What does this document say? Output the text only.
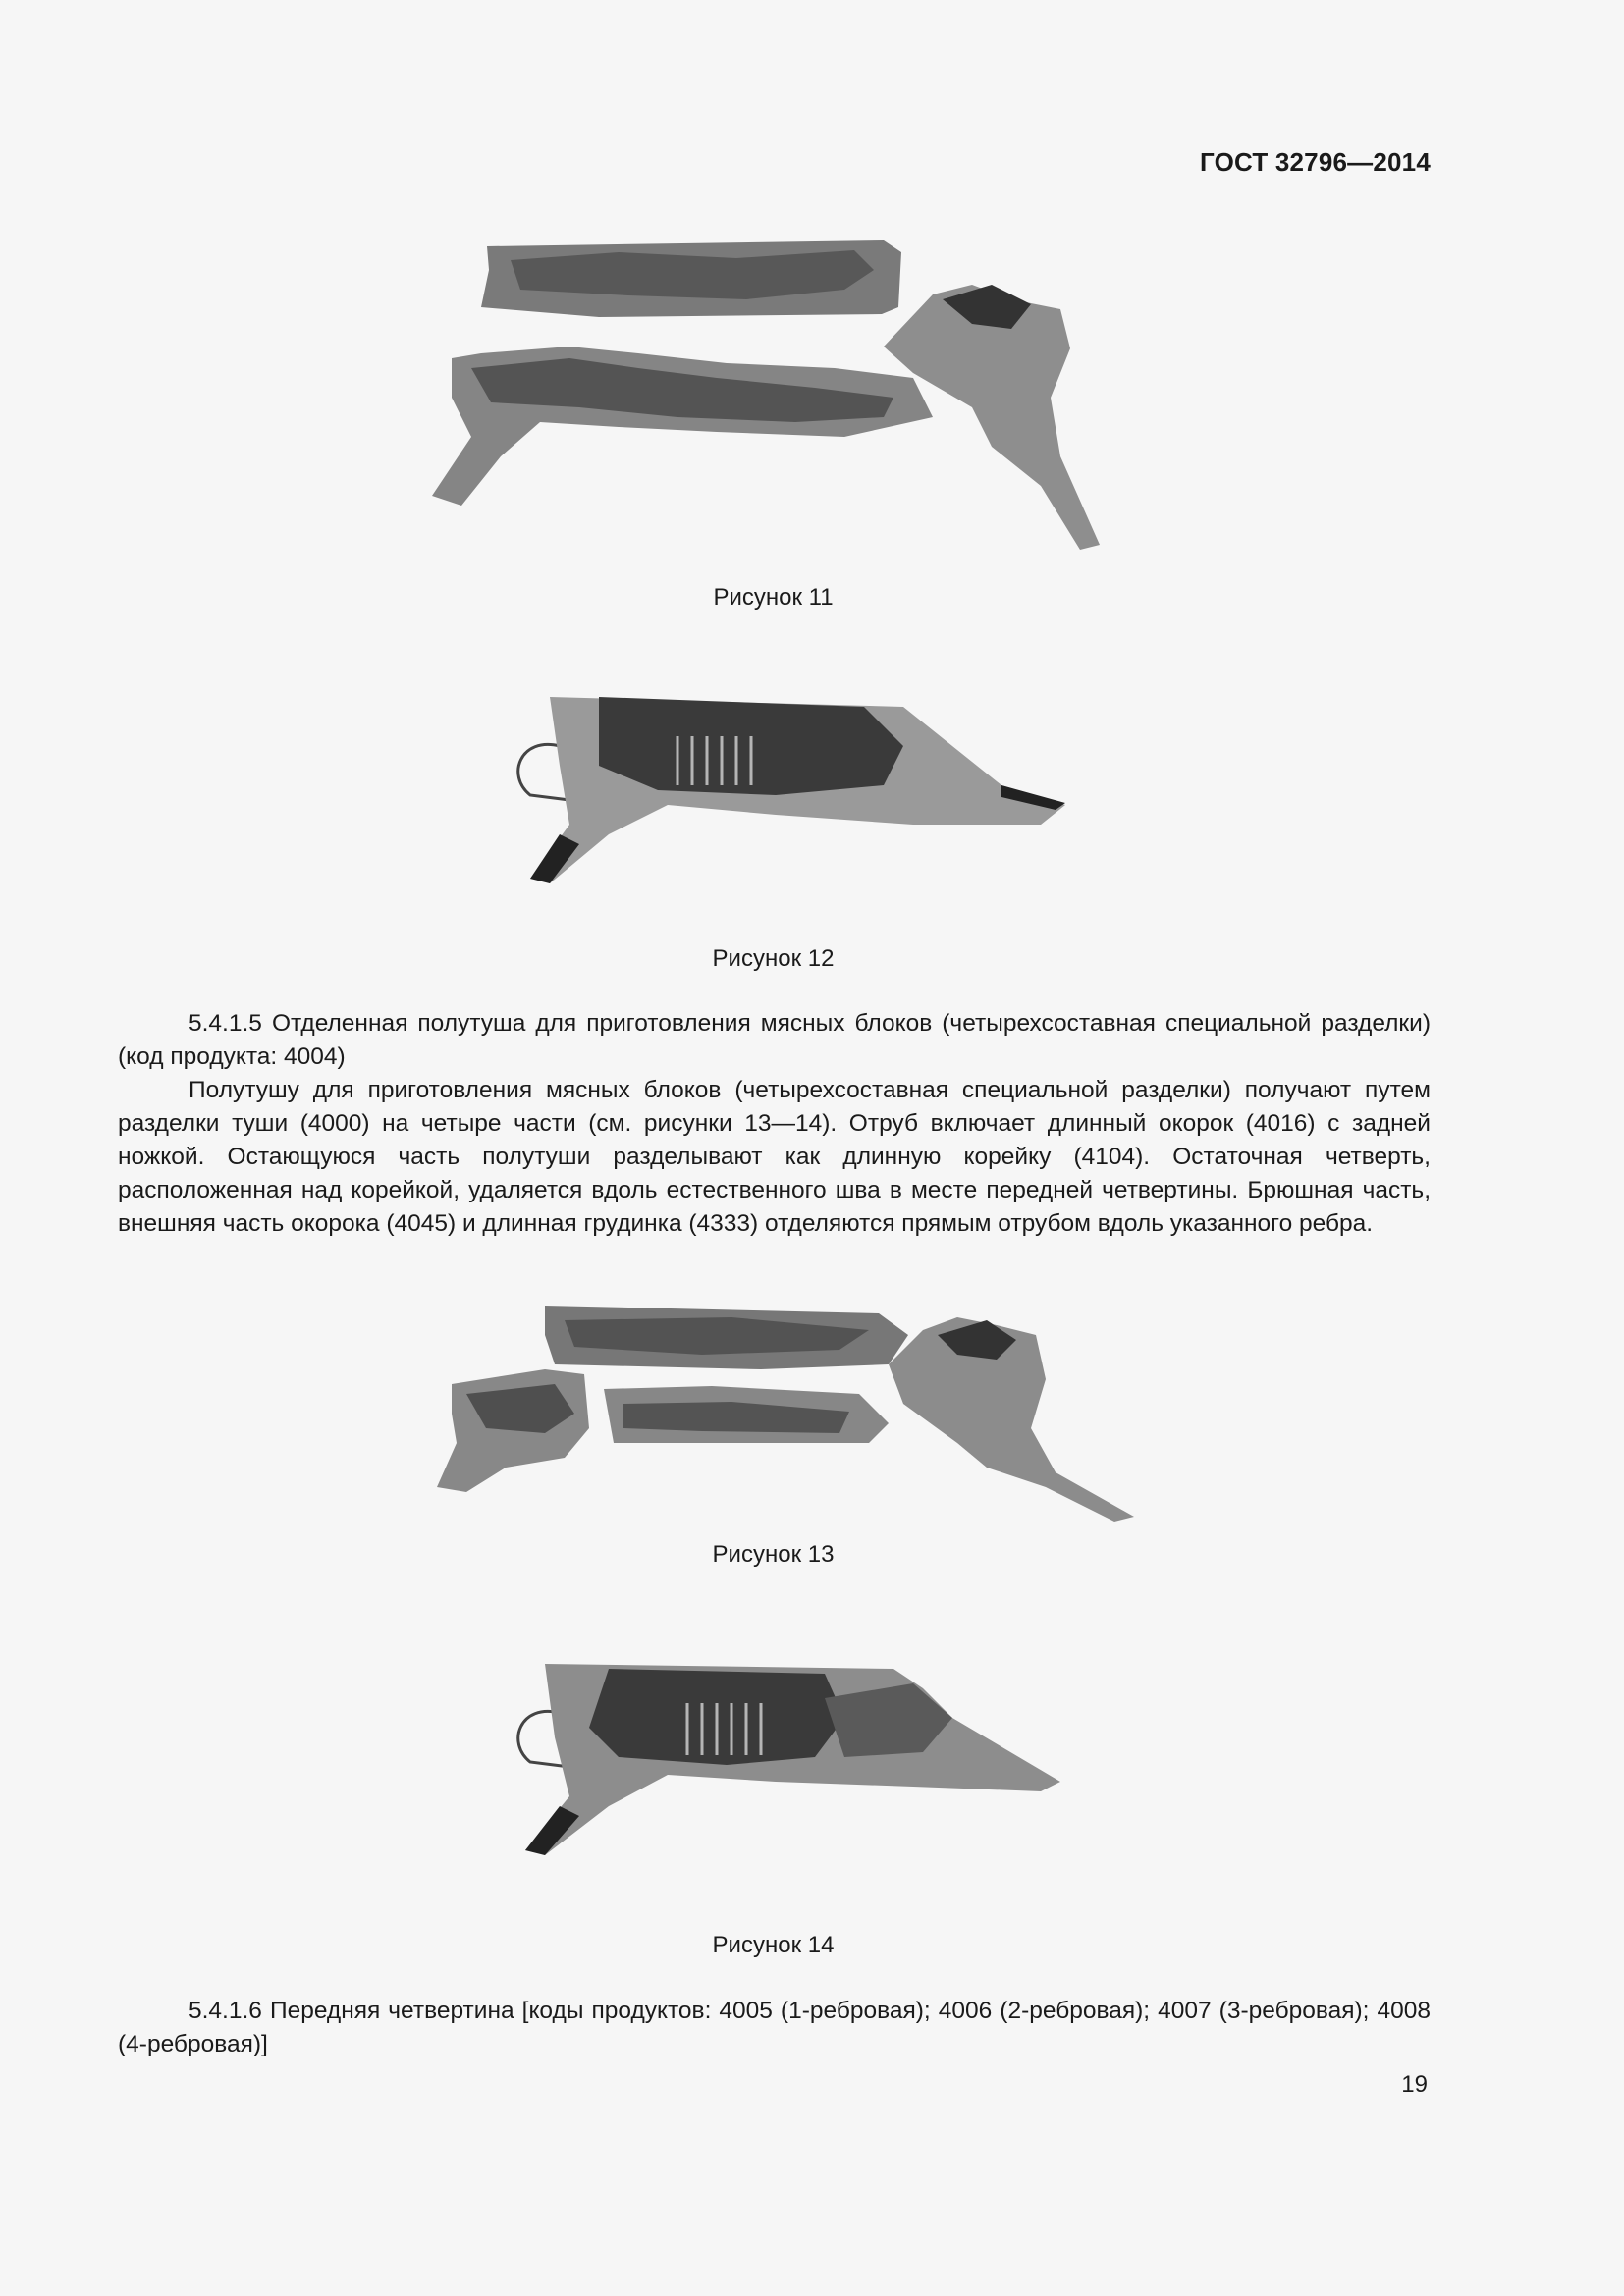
ГОСТ 32796—2014
Рисунок 11
Рисунок 12

5.4.1.5 Отделенная полутуша для приготовления мясных блоков (четырехсоставная специальной разделки) (код продукта: 4004)

Полутушу для приготовления мясных блоков (четырехсоставная специальной разделки) получают путем разделки туши (4000) на четыре части (см. рисунки 13—14). Отруб включает длинный окорок (4016) с задней ножкой. Остающуюся часть полутуши разделывают как длинную корейку (4104). Остаточная четверть, расположенная над корейкой, удаляется вдоль естественного шва в месте передней четвертины. Брюшная часть, внешняя часть окорока (4045) и длинная грудинка (4333) отделяются прямым отрубом вдоль указанного ребра.

Рисунок 13
Рисунок 14

5.4.1.6 Передняя четвертина [коды продуктов: 4005 (1-ребровая); 4006 (2-ребровая); 4007 (3-ребровая); 4008 (4-ребровая)]

19
